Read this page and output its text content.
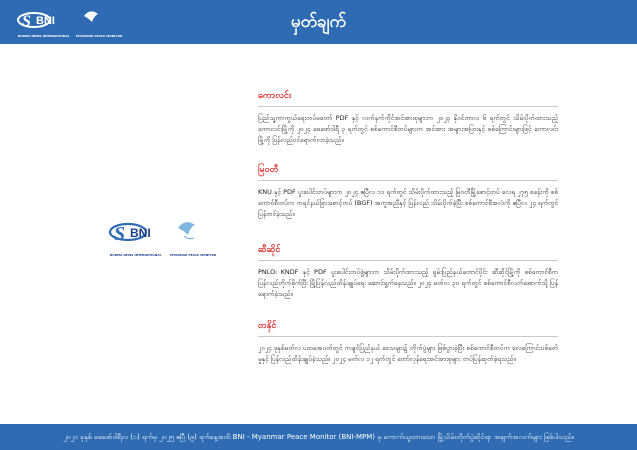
S BNI
BURMA NEWS INTERNATIONAL MYANMAR PEACE MONITOR
မှတ်ချက်
S BNI
BURMA NEWS INTERNATIONAL	MYANMAR PEACE MONITOR

ကောလင်း

ပြည်သူ့ကာကွယ်ရေးတပ်မတော် PDF နှင့် လက်နက်ကိုင်အင်အားစုများက ၂၀၂၃ နိုဝင်ဘာလ ၆ ရက်တွင် သိမ်းပိုက်ထားသည့် ကောလင်းမြို့ကို ၂၀၂၄ ဖေဖော်ဝါရီ ၃ ရက်တွင် စစ်ကောင်စီတပ်များက အင်အား အများအပြားနှင့် စစ်ကြောင်းများဖြင့် ကောလင်းမြို့ကို ပြန်လည်ဝင်ရောက်လာခဲ့သည်။

မြဝတီ

KNU နှင့် PDF ပူးပေါင်းတပ်များက ၂၀၂၄ ဧပြီလ ၁၁ ရက်တွင် သိမ်းပိုက်ထားသည့် မြဝတီမြို့စောင့်တပ် လေရ ၂၇၅ စခန်းကို စစ်ကောင်စီတပ်က ကရင်နယ်ခြားစောင့်တပ် (BGF) အကူအညီနှင့် ပြန်လည် သိမ်းပိုက်ခဲ့ပြီး စစ်ကောင်စီအလံကို ဧပြီလ ၂၄ ရက်တွင် ပြန်တင်ခဲ့သည်။

ဆီဆိုင်

PNLO၊ KNDF နှင့် PDF ပူးပေါင်းတပ်ဖွဲ့များက သိမ်းပိုက်ထားသည့် ရှမ်းပြည်နယ်တောင်ပိုင်း ဆီဆိုင်မြို့ကို စစ်ကောင်စီက ပြန်လည်တိုက်ခိုက်ပြီး မြို့ပြန်လည်ထိန်းချုပ်ရေး ဆောင်ရွက်နေသည်။ ၂၀၂၄ မတ်လ ၃၀ ရက်တွင် စစ်ကောင်စီလက်အောက်သို့ ပြန်ရောက်ခဲ့သည်။

တနိုင်

၂၀၂၄ ခုနှစ်မတ်လ ပထမအပတ်တွင် ကချင်ပြည်နယ် ဒေသများ၌ တိုက်ပွဲများ ဖြစ်ပွားခဲ့ပြီး စစ်ကောင်စီတပ်က လေကြောင်းပစ်ခတ်မှုနှင့် ပြန်လည်ထိန်းချုပ်ခဲ့သည်။ ၂၀၂၄ မတ်လ ၁၂ ရက်တွင် တော်လှန်ရေးအင်အားစုများ တပ်ပြန်ဆုတ်ခဲ့ရသည်။

၂၀၂၁ ခုနှစ် ဖေဖော်ဝါရီလ (၁) ရက်မှ ၂၀၂၅ ဧပြီ (၉) ရက်နေ့အထိ BNI - Myanmar Peace Monitor (BNI-MPM) မှ ကောက်ယူထားသော မြို့သိမ်းတိုက်ပွဲဆိုင်ရာ အချက်အလက်များ ဖြစ်ပါသည်။
